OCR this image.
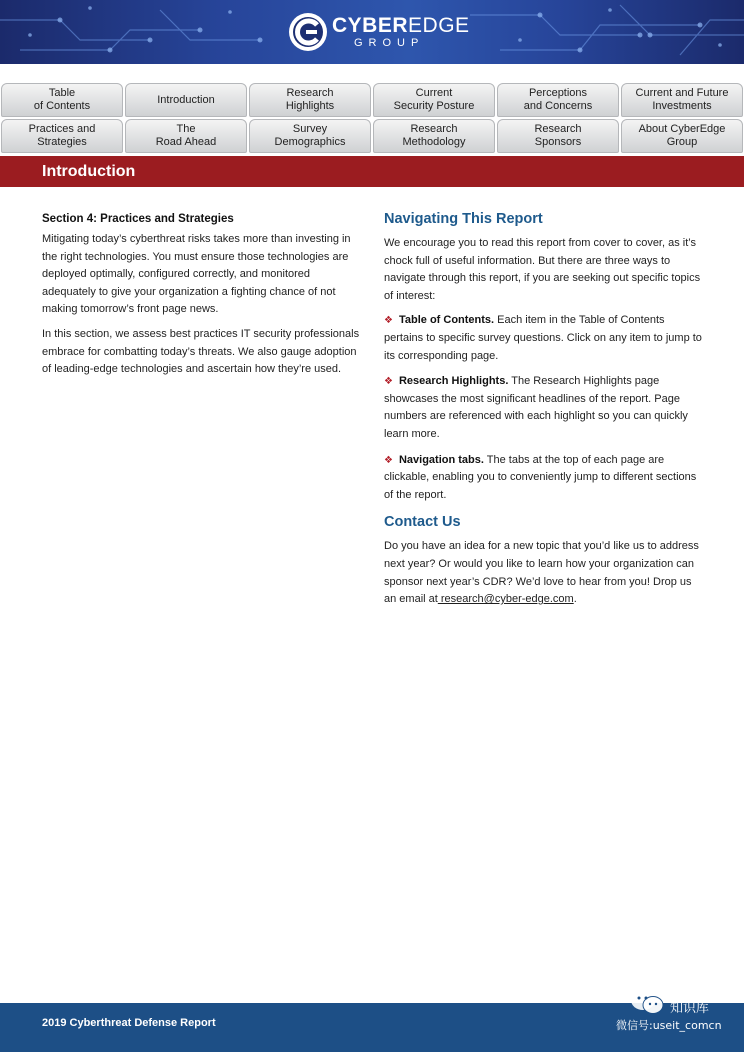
CYBEREDGE
GROUP
Table
of Contents
Introduction
Research
Highlights
Current
Security Posture
Perceptions
and Concerns
Current and Future
Investments
Practices and
Strategies
The
Road Ahead
Survey
Demographics
Research
Methodology
Research
Sponsors
About CyberEdge
Group
Introduction
Section 4: Practices and Strategies

Mitigating today’s cyberthreat risks takes more than investing in the right technologies. You must ensure those technologies are deployed optimally, configured correctly, and monitored adequately to give your organization a fighting chance of not making tomorrow’s front page news.

In this section, we assess best practices IT security professionals embrace for combatting today’s threats. We also gauge adoption of leading-edge technologies and ascertain how they’re used.

Navigating This Report

We encourage you to read this report from cover to cover, as it’s chock full of useful information. But there are three ways to navigate through this report, if you are seeking out specific topics of interest:

❖ Table of Contents. Each item in the Table of Contents pertains to specific survey questions. Click on any item to jump to its corresponding page.
❖ Research Highlights. The Research Highlights page showcases the most significant headlines of the report. Page numbers are referenced with each highlight so you can quickly learn more.
❖ Navigation tabs. The tabs at the top of each page are clickable, enabling you to conveniently jump to different sections of the report.
Contact Us

Do you have an idea for a new topic that you’d like us to address next year? Or would you like to learn how your organization can sponsor next year’s CDR? We’d love to hear from you! Drop us an email at research@cyber-edge.com.

2019 Cyberthreat Defense Report
知识库
微信号:useit_comcn
